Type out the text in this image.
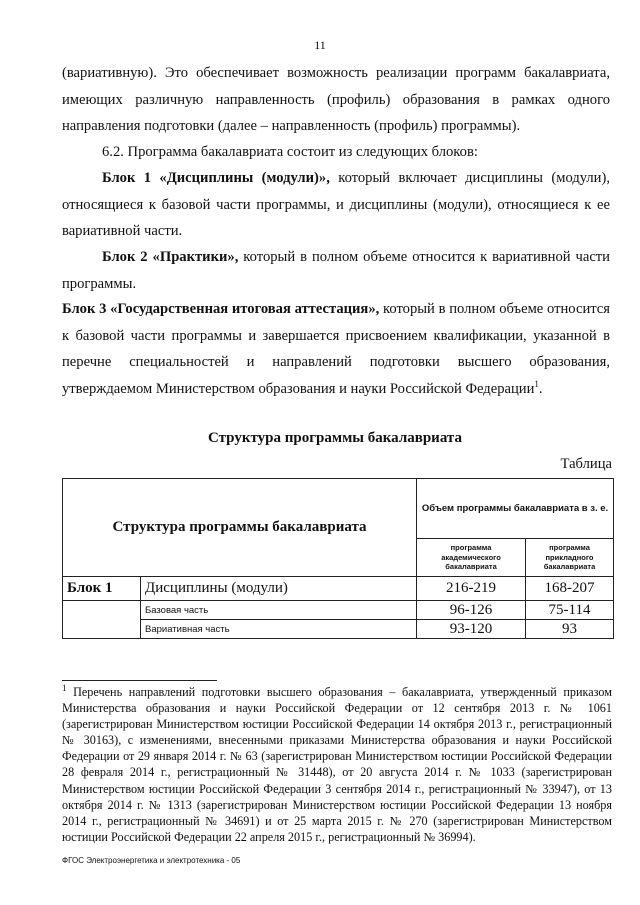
11
(вариативную). Это обеспечивает возможность реализации программ бакалавриата, имеющих различную направленность (профиль) образования в рамках одного направления подготовки (далее – направленность (профиль) программы).
6.2. Программа бакалавриата состоит из следующих блоков:
Блок 1 «Дисциплины (модули)», который включает дисциплины (модули), относящиеся к базовой части программы, и дисциплины (модули), относящиеся к ее вариативной части.
Блок 2 «Практики», который в полном объеме относится к вариативной части программы.
Блок 3 «Государственная итоговая аттестация», который в полном объеме относится к базовой части программы и завершается присвоением квалификации, указанной в перечне специальностей и направлений подготовки высшего образования, утверждаемом Министерством образования и науки Российской Федерации$^1$.
Структура программы бакалавриата
Таблица
Структура программы бакалавриата		Объем программы бакалавриата в з. е.	
		программа академического бакалавриата	программа прикладного бакалавриата
Блок 1	Дисциплины (модули)	216-219	168-207
	Базовая часть	96-126	75-114
	Вариативная часть	93-120	93
$^1$ Перечень направлений подготовки высшего образования – бакалавриата, утвержденный приказом Министерства образования и науки Российской Федерации от 12 сентября 2013 г. № 1061 (зарегистрирован Министерством юстиции Российской Федерации 14 октября 2013 г., регистрационный № 30163), с изменениями, внесенными приказами Министерства образования и науки Российской Федерации от 29 января 2014 г. № 63 (зарегистрирован Министерством юстиции Российской Федерации 28 февраля 2014 г., регистрационный № 31448), от 20 августа 2014 г. № 1033 (зарегистрирован Министерством юстиции Российской Федерации 3 сентября 2014 г., регистрационный № 33947), от 13 октября 2014 г. № 1313 (зарегистрирован Министерством юстиции Российской Федерации 13 ноября 2014 г., регистрационный № 34691) и от 25 марта 2015 г. № 270 (зарегистрирован Министерством юстиции Российской Федерации 22 апреля 2015 г., регистрационный № 36994).
ФГОС Электроэнергетика и электротехника - 05
